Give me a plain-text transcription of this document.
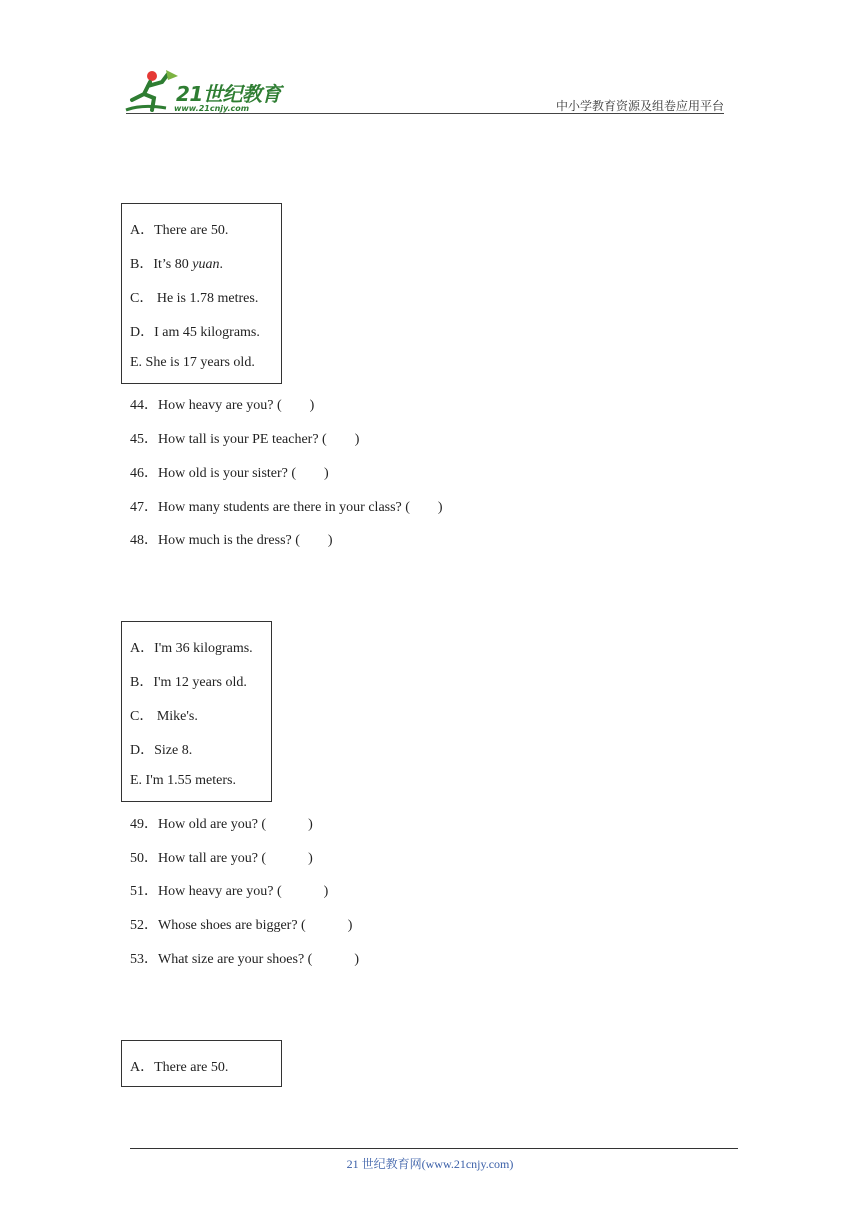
21世纪教育
www.21cnjy.com	中小学教育资源及组卷应用平台
A．There are 50.
B．It’s 80 yuan.
C． He is 1.78 metres.
D．I am 45 kilograms.
E. She is 17 years old.
44．How heavy are you? (　　)
45．How tall is your PE teacher? (　　)
46．How old is your sister? (　　)
47．How many students are there in your class? (　　)
48．How much is the dress? (　　)
A．I'm 36 kilograms.
B．I'm 12 years old.
C． Mike's.
D．Size 8.
E. I'm 1.55 meters.
49．How old are you? (　　　)
50．How tall are you? (　　　)
51．How heavy are you? (　　　)
52．Whose shoes are bigger? (　　　)
53．What size are your shoes? (　　　)
A．There are 50.
21 世纪教育网(www.21cnjy.com)
